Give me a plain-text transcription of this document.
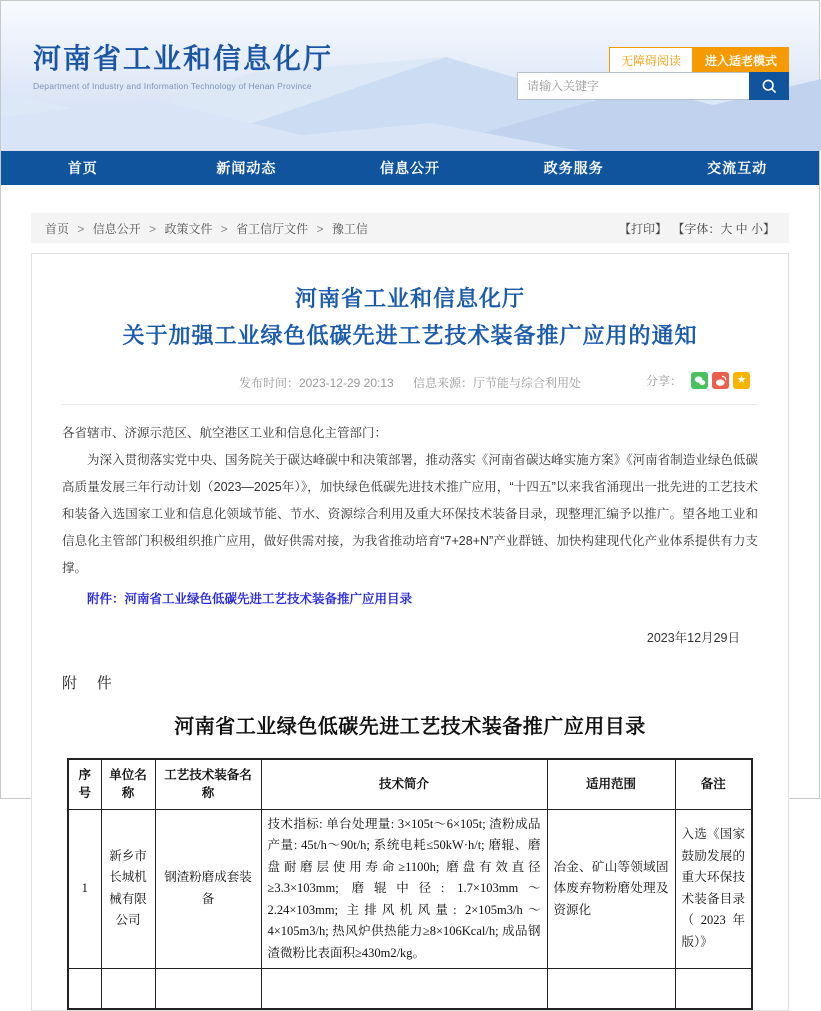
河南省工业和信息化厅
Department of Industry and Information Technology of Henan Province
无障碍阅读	进入适老模式
请输入关键字
首页	新闻动态	信息公开	政务服务	交流互动
首页 > 信息公开 > 政策文件 > 省工信厅文件 > 豫工信	【打印】 【字体：大 中 小】
河南省工业和信息化厅
关于加强工业绿色低碳先进工艺技术装备推广应用的通知
发布时间：2023-12-29 20:13 信息来源：厅节能与综合利用处	分享：	★

各省辖市、济源示范区、航空港区工业和信息化主管部门：

为深入贯彻落实党中央、国务院关于碳达峰碳中和决策部署，推动落实《河南省碳达峰实施方案》《河南省制造业绿色低碳高质量发展三年行动计划（2023—2025年）》，加快绿色低碳先进技术推广应用，“十四五”以来我省涌现出一批先进的工艺技术和装备入选国家工业和信息化领域节能、节水、资源综合利用及重大环保技术装备目录，现整理汇编予以推广。望各地工业和信息化主管部门积极组织推广应用，做好供需对接，为我省推动培育“7+28+N”产业群链、加快构建现代化产业体系提供有力支撑。

附件：河南省工业绿色低碳先进工艺技术装备推广应用目录
2023年12月29日
附 件
河南省工业绿色低碳先进工艺技术装备推广应用目录
序号	单位名称	工艺技术装备名称	技术简介	适用范围	备注
1	新乡市长城机械有限公司	钢渣粉磨成套装备	技术指标: 单台处理量: 3×105t～6×105t; 渣粉成品产量: 45t/h～90t/h; 系统电耗≤50kW·h/t; 磨辊、磨盘耐磨层使用寿命≥1100h; 磨盘有效直径≥3.3×103mm; 磨辊中径: 1.7×103mm～2.24×103mm; 主排风机风量: 2×105m3/h～4×105m3/h; 热风炉供热能力≥8×106Kcal/h; 成品钢渣微粉比表面积≥430m2/kg。	冶金、矿山等领域固体废弃物粉磨处理及资源化	入选《国家鼓励发展的重大环保技术装备目录（2023年版）》
